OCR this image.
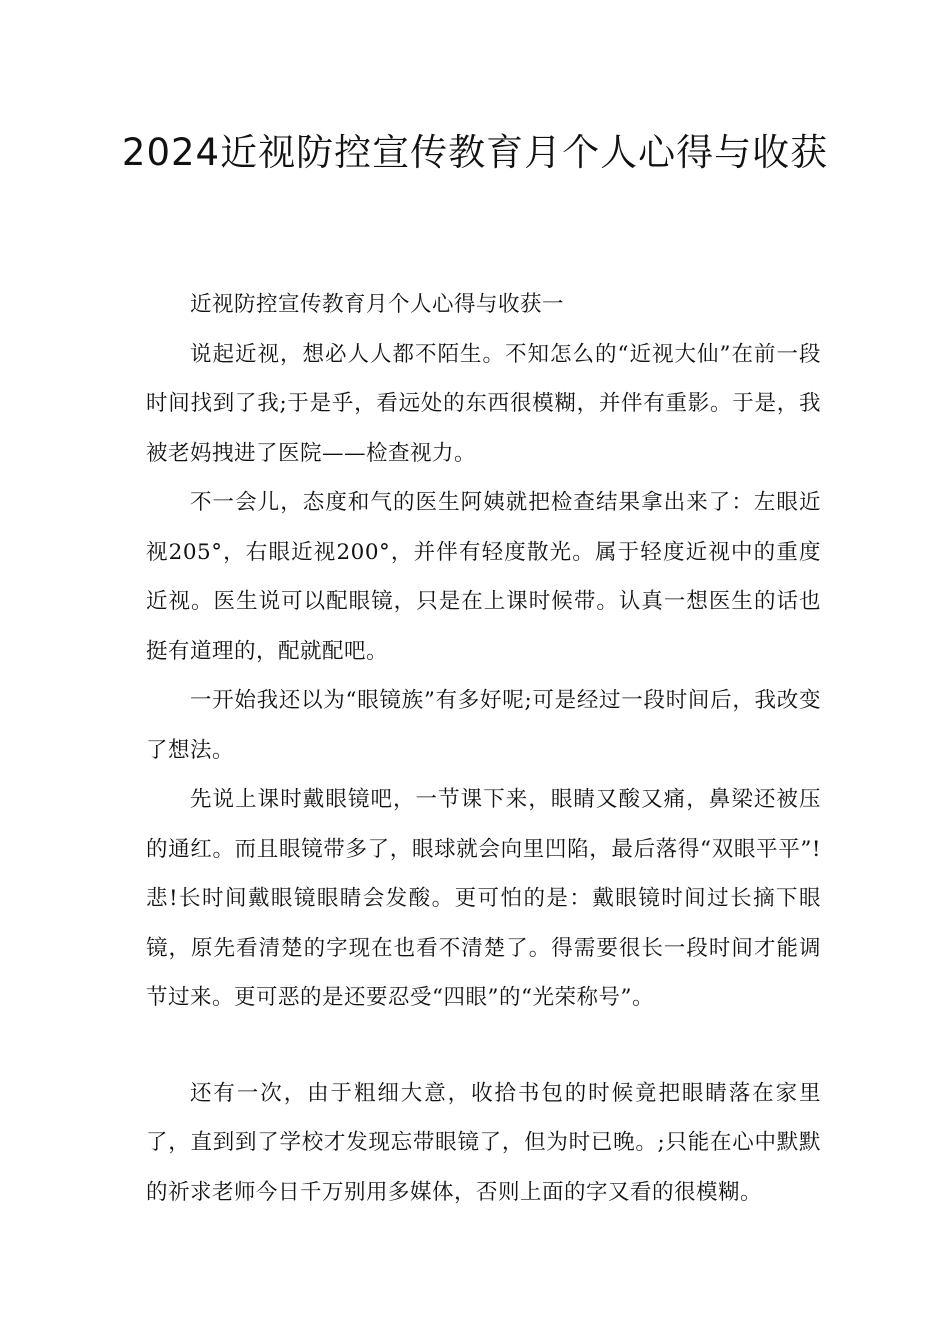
2024近视防控宣传教育月个人心得与收获

近视防控宣传教育月个人心得与收获一

说起近视，想必人人都不陌生。不知怎么的“近视大仙”在前一段时间找到了我;于是乎，看远处的东西很模糊，并伴有重影。于是，我被老妈拽进了医院——检查视力。

不一会儿，态度和气的医生阿姨就把检查结果拿出来了：左眼近视205°，右眼近视200°，并伴有轻度散光。属于轻度近视中的重度近视。医生说可以配眼镜，只是在上课时候带。认真一想医生的话也挺有道理的，配就配吧。

一开始我还以为“眼镜族”有多好呢;可是经过一段时间后，我改变了想法。

先说上课时戴眼镜吧，一节课下来，眼睛又酸又痛，鼻梁还被压的通红。而且眼镜带多了，眼球就会向里凹陷，最后落得“双眼平平”!悲!长时间戴眼镜眼睛会发酸。更可怕的是：戴眼镜时间过长摘下眼镜，原先看清楚的字现在也看不清楚了。得需要很长一段时间才能调节过来。更可恶的是还要忍受“四眼”的“光荣称号”。

还有一次，由于粗细大意，收拾书包的时候竟把眼睛落在家里了，直到到了学校才发现忘带眼镜了，但为时已晚。;只能在心中默默的祈求老师今日千万别用多媒体，否则上面的字又看的很模糊。
